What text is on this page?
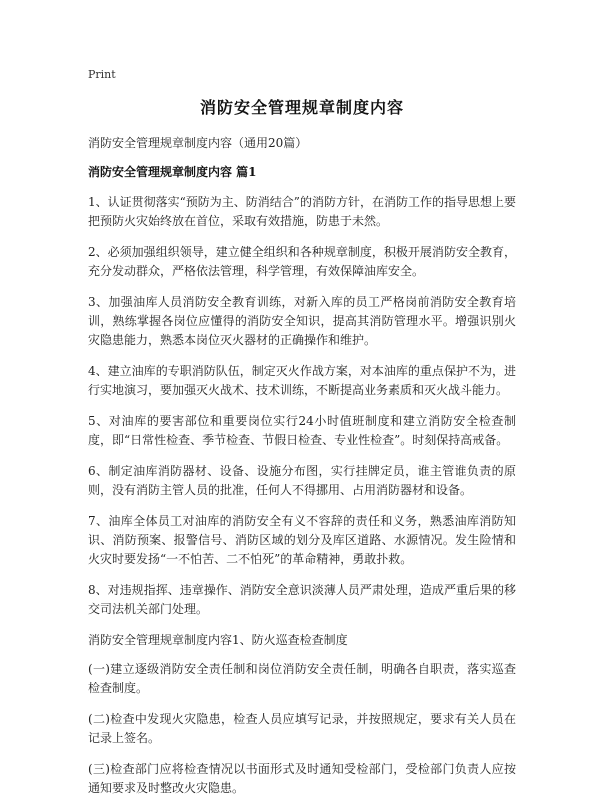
Print
消防安全管理规章制度内容

消防安全管理规章制度内容（通用20篇）

消防安全管理规章制度内容 篇1

1、认证贯彻落实“预防为主、防消结合”的消防方针，在消防工作的指导思想上要把预防火灾始终放在首位，采取有效措施，防患于未然。

2、必须加强组织领导，建立健全组织和各种规章制度，积极开展消防安全教育，充分发动群众，严格依法管理，科学管理，有效保障油库安全。

3、加强油库人员消防安全教育训练，对新入库的员工严格岗前消防安全教育培训，熟练掌握各岗位应懂得的消防安全知识，提高其消防管理水平。增强识别火灾隐患能力，熟悉本岗位灭火器材的正确操作和维护。

4、建立油库的专职消防队伍，制定灭火作战方案，对本油库的重点保护不为，进行实地演习，要加强灭火战术、技术训练，不断提高业务素质和灭火战斗能力。

5、对油库的要害部位和重要岗位实行24小时值班制度和建立消防安全检查制度，即“日常性检查、季节检查、节假日检查、专业性检查”。时刻保持高戒备。

6、制定油库消防器材、设备、设施分布图，实行挂牌定员，谁主管谁负责的原则，没有消防主管人员的批准，任何人不得挪用、占用消防器材和设备。

7、油库全体员工对油库的消防安全有义不容辞的责任和义务，熟悉油库消防知识、消防预案、报警信号、消防区域的划分及库区道路、水源情况。发生险情和火灾时要发扬“一不怕苦、二不怕死”的革命精神，勇敢扑救。

8、对违规指挥、违章操作、消防安全意识淡薄人员严肃处理，造成严重后果的移交司法机关部门处理。

消防安全管理规章制度内容1、防火巡查检查制度

(一)建立逐级消防安全责任制和岗位消防安全责任制，明确各自职责，落实巡查检查制度。

(二)检查中发现火灾隐患，检查人员应填写记录，并按照规定，要求有关人员在记录上签名。

(三)检查部门应将检查情况以书面形式及时通知受检部门，受检部门负责人应按通知要求及时整改火灾隐患。
